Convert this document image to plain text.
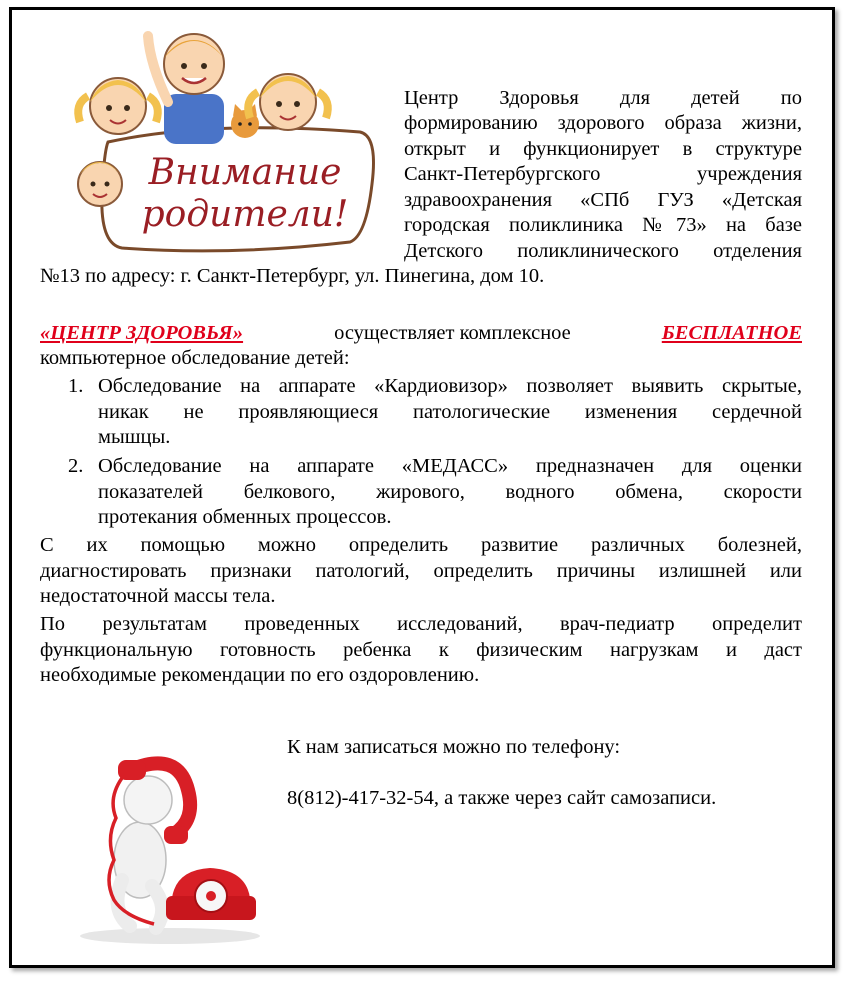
Внимание
родители!
Центр Здоровья для детей по
формированию здорового образа жизни,
открыт и функционирует в структуре
Санкт-Петербургского учреждения
здравоохранения «СПб ГУЗ «Детская
городская поликлиника №73» на базе
Детского поликлинического отделения
№13 по адресу: г. Санкт-Петербург, ул. Пинегина, дом 10.
«ЦЕНТР ЗДОРОВЬЯ»	осуществляет комплексное	БЕСПЛАТНОЕ
компьютерное обследование детей:
1. Обследование на аппарате «Кардиовизор» позволяет выявить скрытые,
никак не проявляющиеся патологические изменения сердечной
мышцы.
2. Обследование на аппарате «МЕДАСС» предназначен для оценки
показателей белкового, жирового, водного обмена, скорости
протекания обменных процессов.
С их помощью можно определить развитие различных болезней,
диагностировать признаки патологий, определить причины излишней или
недостаточной массы тела.
По результатам проведенных исследований, врач-педиатр определит
функциональную готовность ребенка к физическим нагрузкам и даст
необходимые рекомендации по его оздоровлению.
К нам записаться можно по телефону:
8(812)-417-32-54, а также через сайт самозаписи.
